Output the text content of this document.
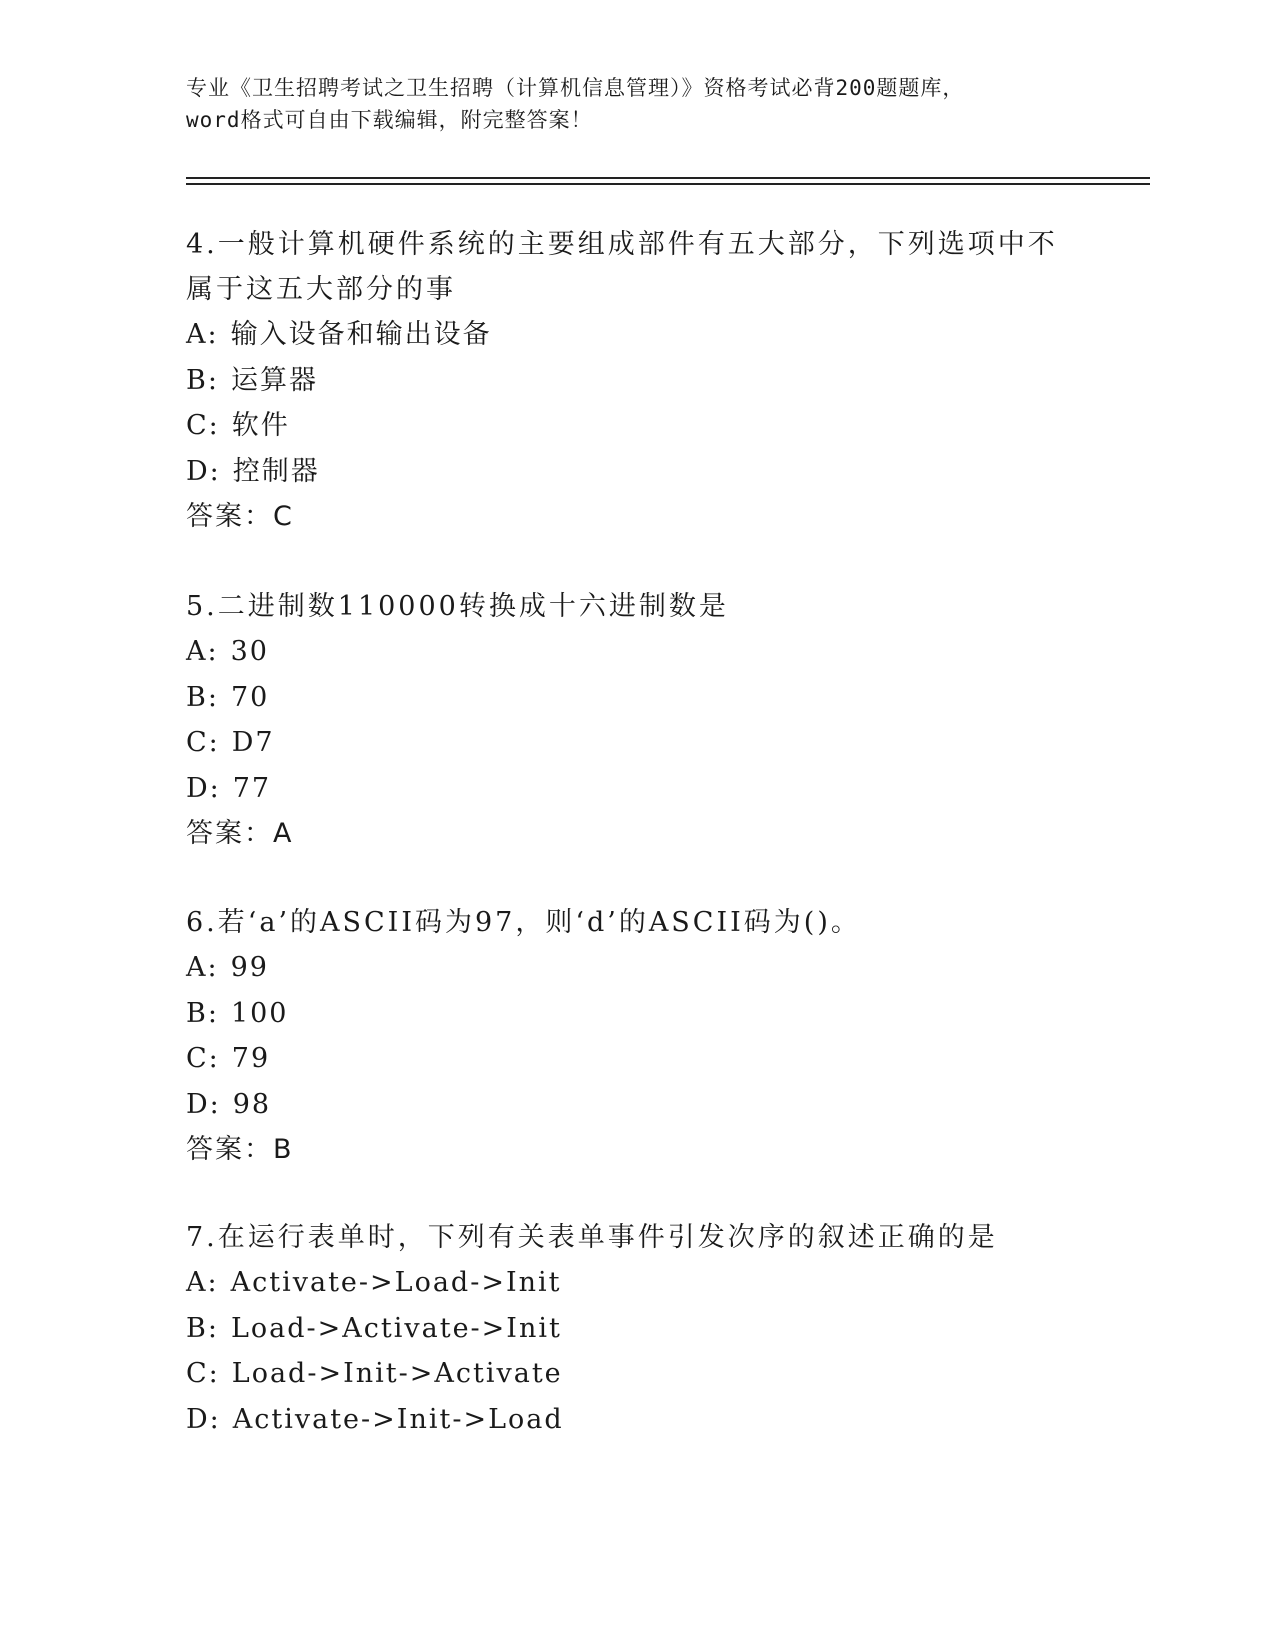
专业《卫生招聘考试之卫生招聘（计算机信息管理）》资格考试必背200题题库，
word格式可自由下载编辑，附完整答案！
4.一般计算机硬件系统的主要组成部件有五大部分，下列选项中不属于这五大部分的事
A: 输入设备和输出设备
B: 运算器
C: 软件
D: 控制器
答案：C
5.二进制数110000转换成十六进制数是
A: 30
B: 70
C: D7
D: 77
答案：A
6.若‘a’的ASCII码为97，则‘d’的ASCII码为()。
A: 99
B: 100
C: 79
D: 98
答案：B
7.在运行表单时，下列有关表单事件引发次序的叙述正确的是
A: Activate->Load->Init
B: Load->Activate->Init
C: Load->Init->Activate
D: Activate->Init->Load
